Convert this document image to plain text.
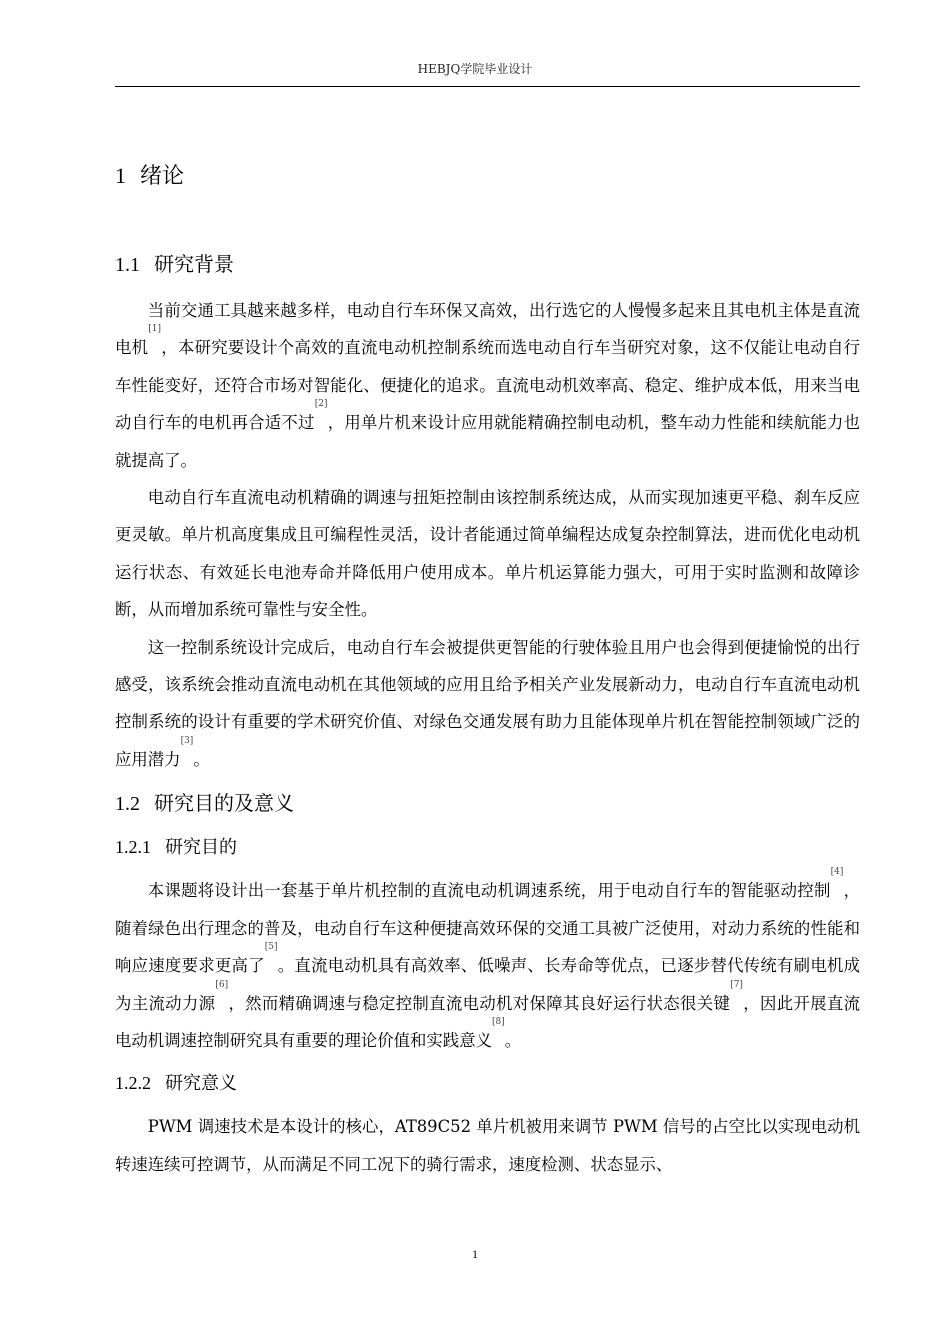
HEBJQ学院毕业设计
1 绪论
1.1 研究背景

当前交通工具越来越多样，电动自行车环保又高效，出行选它的人慢慢多起来且其电机主体是直流电机[1]，本研究要设计个高效的直流电动机控制系统而选电动自行车当研究对象，这不仅能让电动自行车性能变好，还符合市场对智能化、便捷化的追求。直流电动机效率高、稳定、维护成本低，用来当电动自行车的电机再合适不过[2]，用单片机来设计应用就能精确控制电动机，整车动力性能和续航能力也就提高了。

电动自行车直流电动机精确的调速与扭矩控制由该控制系统达成，从而实现加速更平稳、刹车反应更灵敏。单片机高度集成且可编程性灵活，设计者能通过简单编程达成复杂控制算法，进而优化电动机运行状态、有效延长电池寿命并降低用户使用成本。单片机运算能力强大，可用于实时监测和故障诊断，从而增加系统可靠性与安全性。

这一控制系统设计完成后，电动自行车会被提供更智能的行驶体验且用户也会得到便捷愉悦的出行感受，该系统会推动直流电动机在其他领域的应用且给予相关产业发展新动力，电动自行车直流电动机控制系统的设计有重要的学术研究价值、对绿色交通发展有助力且能体现单片机在智能控制领域广泛的应用潜力[3]。

1.2 研究目的及意义
1.2.1 研究目的

本课题将设计出一套基于单片机控制的直流电动机调速系统，用于电动自行车的智能驱动控制[4]，随着绿色出行理念的普及，电动自行车这种便捷高效环保的交通工具被广泛使用，对动力系统的性能和响应速度要求更高了[5]。直流电动机具有高效率、低噪声、长寿命等优点，已逐步替代传统有刷电机成为主流动力源[6]，然而精确调速与稳定控制直流电动机对保障其良好运行状态很关键[7]，因此开展直流电动机调速控制研究具有重要的理论价值和实践意义[8]。

1.2.2 研究意义

PWM 调速技术是本设计的核心，AT89C52 单片机被用来调节 PWM 信号的占空比以实现电动机转速连续可控调节，从而满足不同工况下的骑行需求，速度检测、状态显示、

1
